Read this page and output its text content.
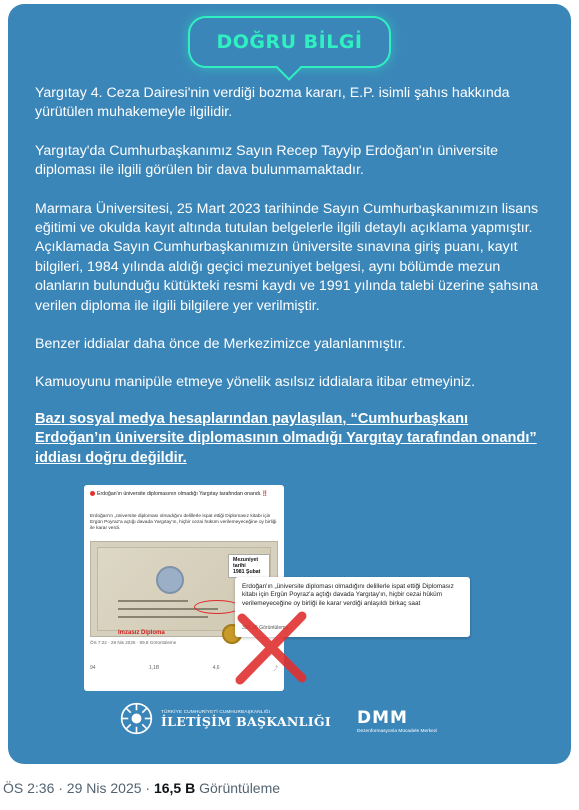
DOĞRU BİLGİ

Yargıtay 4. Ceza Dairesi'nin verdiği bozma kararı, E.P. isimli şahıs hakkında yürütülen muhakemeyle ilgilidir.

Yargıtay'da Cumhurbaşkanımız Sayın Recep Tayyip Erdoğan'ın üniversite diploması ile ilgili görülen bir dava bulunmamaktadır.

Marmara Üniversitesi, 25 Mart 2023 tarihinde Sayın Cumhurbaşkanımızın lisans eğitimi ve okulda kayıt altında tutulan belgelerle ilgili detaylı açıklama yapmıştır. Açıklamada Sayın Cumhurbaşkanımızın üniversite sınavına giriş puanı, kayıt bilgileri, 1984 yılında aldığı geçici mezuniyet belgesi, aynı bölümde mezun olanların bulunduğu kütükteki resmi kaydı ve 1991 yılında talebi üzerine şahsına verilen diploma ile ilgili bilgilere yer verilmiştir.

Benzer iddialar daha önce de Merkezimizce yalanlanmıştır.

Kamuoyunu manipüle etmeye yönelik asılsız iddialara itibar etmeyiniz.

Bazı sosyal medya hesaplarından paylaşılan, “Cumhurbaşkanı Erdoğan’ın üniversite diplomasının olmadığı Yargıtay tarafından onandı” iddiası doğru değildir.

Erdoğan'ın üniversite diplomasının olmadığı Yargıtay tarafından onandı.‼️
Erdoğan'ın „üniversite diploması olmadığını delillerle ispat ettiği Diplomasız kitabı için Ergün Poyraz'a açtığı davada Yargıtay'ın, hiçbir cezai hüküm verilemeyeceğine oy birliği ile karar verdi.
Mezuniyet tarihi
1981 Şubat
Imzasız Diploma
ÖS 7:22 · 28 Nis 2025 · 99,8 Görüntüleme
94	1,1B	4,6	⤴
Erdoğan'ın „üniversite diploması olmadığını delillerle ispat ettiği Diplomasız kitabı için Ergün Poyraz'a açtığı davada Yargıtay'ın, hiçbir cezai hüküm verilemeyeceğine oy birliği ile karar verdiği anlaşıldı birkaç saat
350,1B Görüntüleme
TÜRKİYE CUMHURİYETİ CUMHURBAŞKANLIĞI
İLETİŞİM BAŞKANLIĞI DMM
Dezenformasyonla Mücadele Merkezi
ÖS 2:36 · 29 Nis 2025 · 16,5 B Görüntüleme
